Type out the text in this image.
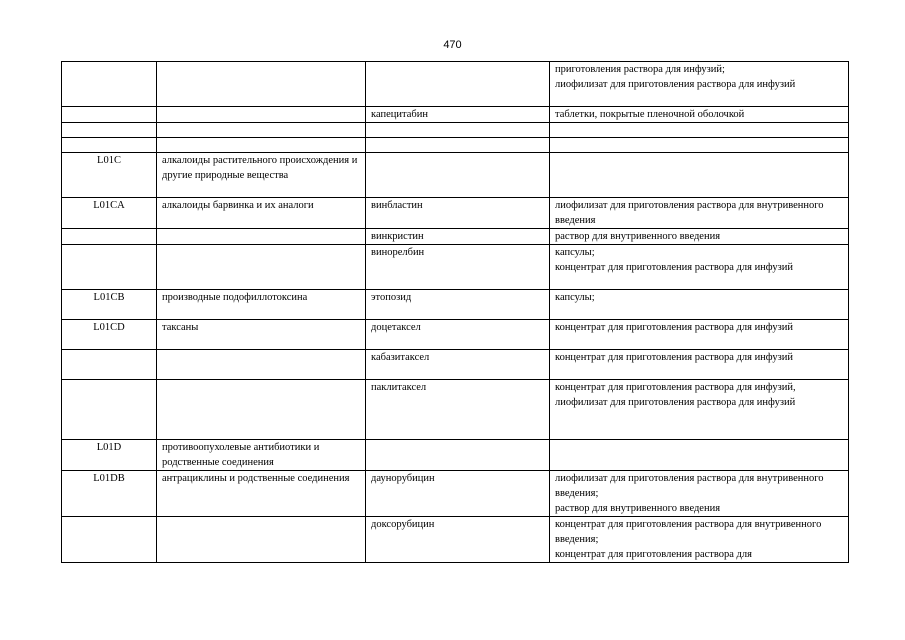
470
			приготовления раствора для инфузий;
лиофилизат для приготовления раствора для инфузий
		капецитабин	таблетки, покрытые пленочной оболочкой

L01C	алкалоиды растительного происхождения и другие природные вещества		
L01CA	алкалоиды барвинка и их аналоги	винбластин	лиофилизат для приготовления раствора для внутривенного введения
		винкристин	раствор для внутривенного введения
		винорелбин	капсулы;
концентрат для приготовления раствора для инфузий
L01CB	производные подофиллотоксина	этопозид	капсулы;
L01CD	таксаны	доцетаксел	концентрат для приготовления раствора для инфузий
		кабазитаксел	концентрат для приготовления раствора для инфузий
		паклитаксел	концентрат для приготовления раствора для инфузий,
лиофилизат для приготовления раствора для инфузий
L01D	противоопухолевые антибиотики и родственные соединения		
L01DB	антрациклины и родственные соединения	даунорубицин	лиофилизат для приготовления раствора для внутривенного введения;
раствор для внутривенного введения
		доксорубицин	концентрат для приготовления раствора для внутривенного введения;
концентрат для приготовления раствора для
